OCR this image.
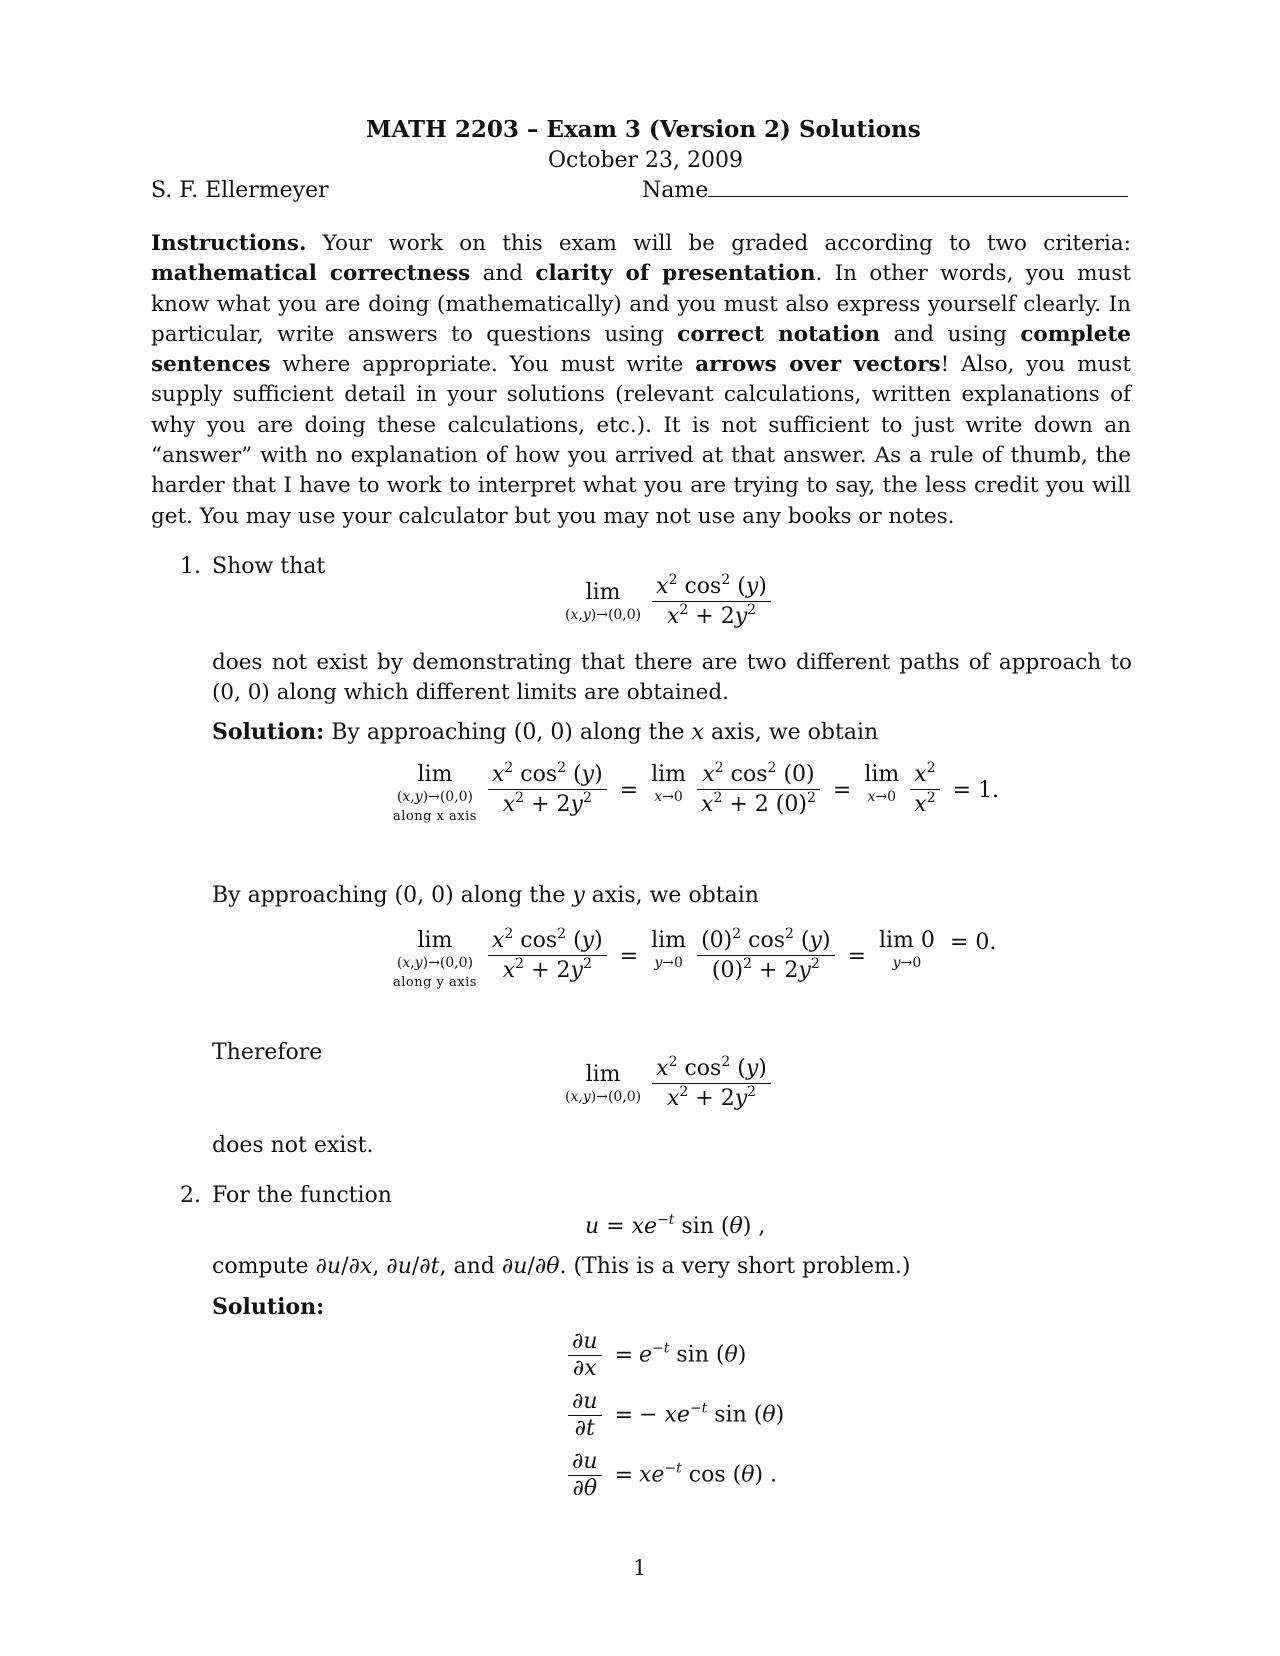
MATH 2203 – Exam 3 (Version 2) Solutions
October 23, 2009
S. F. Ellermeyer	Name
Instructions. Your work on this exam will be graded according to two criteria: mathematical correctness and clarity of presentation. In other words, you must know what you are doing (mathematically) and you must also express yourself clearly. In particular, write answers to questions using correct notation and using complete sentences where appropriate. You must write arrows over vectors! Also, you must supply sufficient detail in your solutions (relevant calculations, written explanations of why you are doing these calculations, etc.). It is not sufficient to just write down an “answer” with no explanation of how you arrived at that answer. As a rule of thumb, the harder that I have to work to interpret what you are trying to say, the less credit you will get. You may use your calculator but you may not use any books or notes.
1. Show that
lim
(x,y)→(0,0)
$\frac{x^2 \cos^2 (y)}{x^2 + 2y^2}$
does not exist by demonstrating that there are two different paths of approach to (0, 0) along which different limits are obtained.
Solution: By approaching (0, 0) along the x axis, we obtain
lim
(x,y)→(0,0)
along x axis
$\frac{x^2 \cos^2 (y)}{x^2 + 2y^2}$ =
lim
x→0
$\frac{x^2 \cos^2 (0)}{x^2 + 2 (0)^2}$ =
lim
x→0
$\frac{x^2}{x^2} = 1$.
By approaching (0, 0) along the y axis, we obtain
lim
(x,y)→(0,0)
along y axis
$\frac{x^2 \cos^2 (y)}{x^2 + 2y^2}$ =
lim
y→0
$\frac{(0)^2 \cos^2 (y)}{(0)^2 + 2y^2}$ =
lim 0
y→0
= 0.
Therefore
lim
(x,y)→(0,0)
$\frac{x^2 \cos^2 (y)}{x^2 + 2y^2}$
does not exist.
2. For the function
$u = xe^{-t}$ sin (θ) ,
compute ∂u/∂x, ∂u/∂t, and ∂u/∂θ. (This is a very short problem.)
Solution:
$\frac{\partial u}{\partial x} = e^{-t}$ sin (θ)
$\frac{\partial u}{\partial t}$ = − $xe^{-t}$ sin (θ)
$\frac{\partial u}{\partial\theta} = xe^{-t}$ cos (θ) .
1
